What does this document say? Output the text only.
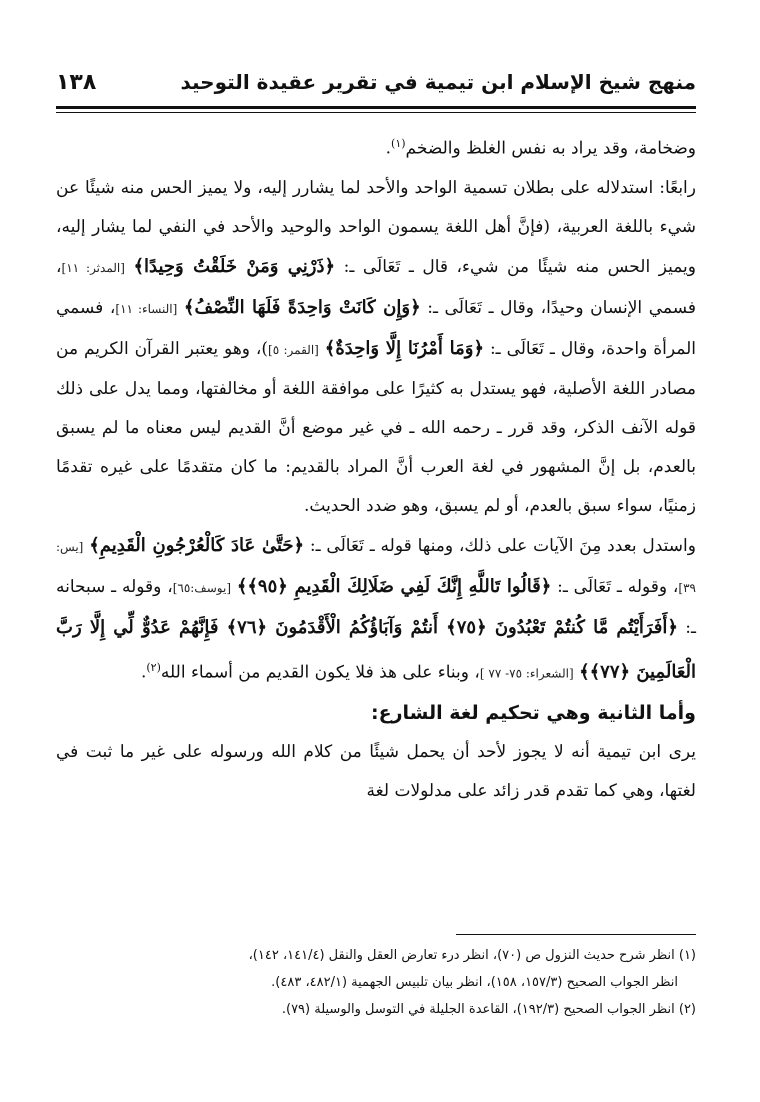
منهج شيخ الإسلام ابن تيمية في تقرير عقيدة التوحيد
١٣٨

وضخامة، وقد يراد به نفس الغلظ والضخم$^{(١)}$.

رابعًا: استدلاله على بطلان تسمية الواحد والأحد لما يشارر إليه، ولا يميز الحس منه شيئًا عن شيء باللغة العربية، (فإنَّ أهل اللغة يسمون الواحد والوحيد والأحد في النفي لما يشار إليه، ويميز الحس منه شيئًا من شيء، قال ـ تَعَالَى ـ: ﴿ذَرْنِي وَمَنْ خَلَقْتُ وَحِيدًا﴾ [المدثر: ١١]، فسمي الإنسان وحيدًا، وقال ـ تَعَالَى ـ: ﴿وَإِن كَانَتْ وَاحِدَةً فَلَهَا النِّصْفُ﴾ [النساء: ١١]، فسمي المرأة واحدة، وقال ـ تَعَالَى ـ: ﴿وَمَا أَمْرُنَا إِلَّا وَاحِدَةٌ﴾ [القمر: ٥])، وهو يعتبر القرآن الكريم من مصادر اللغة الأصلية، فهو يستدل به كثيرًا على موافقة اللغة أو مخالفتها، ومما يدل على ذلك قوله الآنف الذكر، وقد قرر ـ رحمه الله ـ في غير موضع أنَّ القديم ليس معناه ما لم يسبق بالعدم، بل إنَّ المشهور في لغة العرب أنَّ المراد بالقديم: ما كان متقدمًا على غيره تقدمًا زمنيًا، سواء سبق بالعدم، أو لم يسبق، وهو ضدد الحديث.

واستدل بعدد مِنَ الآيات على ذلك، ومنها قوله ـ تَعَالَى ـ: ﴿حَتَّىٰ عَادَ كَالْعُرْجُونِ الْقَدِيمِ﴾ [يس: ٣٩]، وقوله ـ تَعَالَى ـ: ﴿قَالُوا تَاللَّهِ إِنَّكَ لَفِي ضَلَالِكَ الْقَدِيمِ ﴿٩٥﴾﴾ [يوسف:٦٥]، وقوله ـ سبحانه ـ: ﴿أَفَرَأَيْتُم مَّا كُنتُمْ تَعْبُدُونَ ﴿٧٥﴾ أَنتُمْ وَآبَاؤُكُمُ الْأَقْدَمُونَ ﴿٧٦﴾ فَإِنَّهُمْ عَدُوٌّ لِّي إِلَّا رَبَّ الْعَالَمِينَ ﴿٧٧﴾﴾ [الشعراء: ٧٥- ٧٧ ]، وبناء على هذ فلا يكون القديم من أسماء الله$^{(٢)}$.

وأما الثانية وهي تحكيم لغة الشارع:

يرى ابن تيمية أنه لا يجوز لأحد أن يحمل شيئًا من كلام الله ورسوله على غير ما ثبت في لغتها، وهي كما تقدم قدر زائد على مدلولات لغة

(١) انظر شرح حديث النزول ص (٧٠)، انظر درء تعارض العقل والنقل (١٤١/٤، ١٤٢)،

انظر الجواب الصحيح (١٥٧/٣، ١٥٨)، انظر بيان تلبيس الجهمية (٤٨٢/١، ٤٨٣).

(٢) انظر الجواب الصحيح (١٩٢/٣)، القاعدة الجليلة في التوسل والوسيلة (٧٩).
